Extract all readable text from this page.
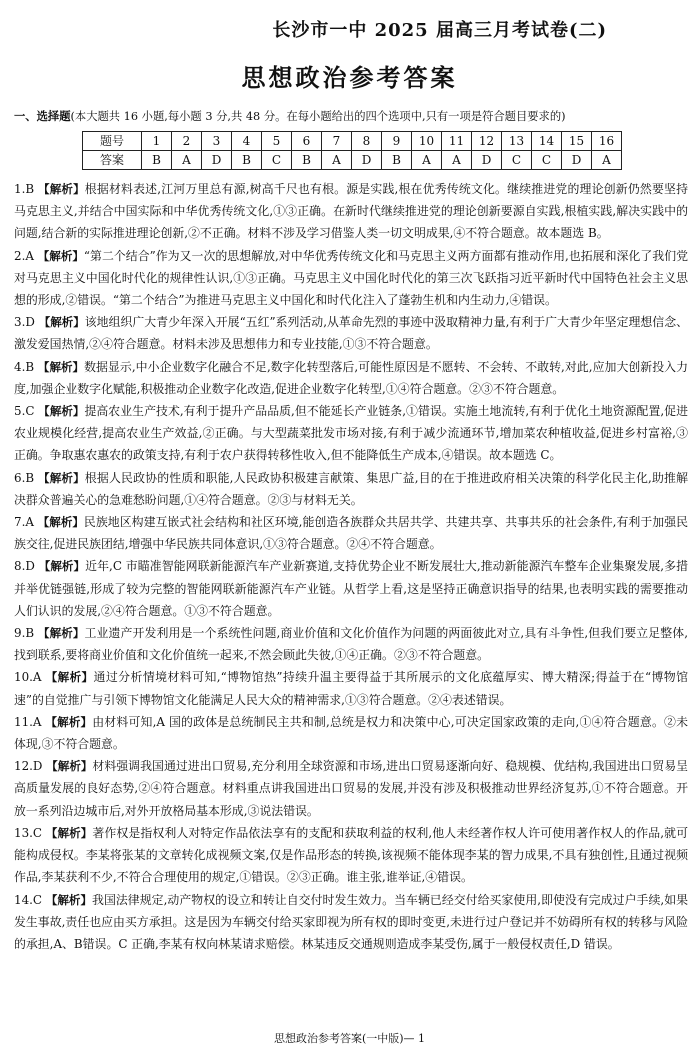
长沙市一中 2025 届高三月考试卷(二)
思想政治参考答案
一、选择题(本大题共 16 小题,每小题 3 分,共 48 分。在每小题给出的四个选项中,只有一项是符合题目要求的)
题号	1	2	3	4	5	6	7	8	9	10	11	12	13	14	15	16
答案	B	A	D	B	C	B	A	D	B	A	A	D	C	C	D	A

1.B 【解析】根据材料表述,江河万里总有源,树高千尺也有根。源是实践,根在优秀传统文化。继续推进党的理论创新仍然要坚持马克思主义,并结合中国实际和中华优秀传统文化,①③正确。在新时代继续推进党的理论创新要源自实践,根植实践,解决实践中的问题,结合新的实际推进理论创新,②不正确。材料不涉及学习借鉴人类一切文明成果,④不符合题意。故本题选 B。

2.A 【解析】“第二个结合”作为又一次的思想解放,对中华优秀传统文化和马克思主义两方面都有推动作用,也拓展和深化了我们党对马克思主义中国化时代化的规律性认识,①③正确。马克思主义中国化时代化的第三次飞跃指习近平新时代中国特色社会主义思想的形成,②错误。“第二个结合”为推进马克思主义中国化和时代化注入了蓬勃生机和内生动力,④错误。

3.D 【解析】该地组织广大青少年深入开展“五红”系列活动,从革命先烈的事迹中汲取精神力量,有利于广大青少年坚定理想信念、激发爱国热情,②④符合题意。材料未涉及思想伟力和专业技能,①③不符合题意。

4.B 【解析】数据显示,中小企业数字化融合不足,数字化转型落后,可能性原因是不愿转、不会转、不敢转,对此,应加大创新投入力度,加强企业数字化赋能,积极推动企业数字化改造,促进企业数字化转型,①④符合题意。②③不符合题意。

5.C 【解析】提高农业生产技术,有利于提升产品品质,但不能延长产业链条,①错误。实施土地流转,有利于优化土地资源配置,促进农业规模化经营,提高农业生产效益,②正确。与大型蔬菜批发市场对接,有利于减少流通环节,增加菜农种植收益,促进乡村富裕,③正确。争取惠农惠农的政策支持,有利于农户获得转移性收入,但不能降低生产成本,④错误。故本题选 C。

6.B 【解析】根据人民政协的性质和职能,人民政协积极建言献策、集思广益,目的在于推进政府相关决策的科学化民主化,助推解决群众普遍关心的急难愁盼问题,①④符合题意。②③与材料无关。

7.A 【解析】民族地区构建互嵌式社会结构和社区环境,能创造各族群众共居共学、共建共享、共事共乐的社会条件,有利于加强民族交往,促进民族团结,增强中华民族共同体意识,①③符合题意。②④不符合题意。

8.D 【解析】近年,C 市瞄准智能网联新能源汽车产业新赛道,支持优势企业不断发展壮大,推动新能源汽车整车企业集聚发展,多措并举优链强链,形成了较为完整的智能网联新能源汽车产业链。从哲学上看,这是坚持正确意识指导的结果,也表明实践的需要推动人们认识的发展,②④符合题意。①③不符合题意。

9.B 【解析】工业遗产开发利用是一个系统性问题,商业价值和文化价值作为问题的两面彼此对立,具有斗争性,但我们要立足整体,找到联系,要将商业价值和文化价值统一起来,不然会顾此失彼,①④正确。②③不符合题意。

10.A 【解析】通过分析情境材料可知,“博物馆热”持续升温主要得益于其所展示的文化底蕴厚实、博大精深;得益于在“博物馆速”的自觉推广与引领下博物馆文化能满足人民大众的精神需求,①③符合题意。②④表述错误。

11.A 【解析】由材料可知,A 国的政体是总统制民主共和制,总统是权力和决策中心,可决定国家政策的走向,①④符合题意。②未体现,③不符合题意。

12.D 【解析】材料强调我国通过进出口贸易,充分利用全球资源和市场,进出口贸易逐渐向好、稳规模、优结构,我国进出口贸易呈高质量发展的良好态势,②④符合题意。材料重点讲我国进出口贸易的发展,并没有涉及积极推动世界经济复苏,①不符合题意。开放一系列沿边城市后,对外开放格局基本形成,③说法错误。

13.C 【解析】著作权是指权利人对特定作品依法享有的支配和获取利益的权利,他人未经著作权人许可使用著作权人的作品,就可能构成侵权。李某将张某的文章转化成视频文案,仅是作品形态的转换,该视频不能体现李某的智力成果,不具有独创性,且通过视频作品,李某获利不少,不符合合理使用的规定,①错误。②③正确。谁主张,谁举证,④错误。

14.C 【解析】我国法律规定,动产物权的设立和转让自交付时发生效力。当车辆已经交付给买家使用,即使没有完成过户手续,如果发生事故,责任也应由买方承担。这是因为车辆交付给买家即视为所有权的即时变更,未进行过户登记并不妨碍所有权的转移与风险的承担,A、B错误。C 正确,李某有权向林某请求赔偿。林某违反交通规则造成李某受伤,属于一般侵权责任,D 错误。

思想政治参考答案(一中版)— 1
